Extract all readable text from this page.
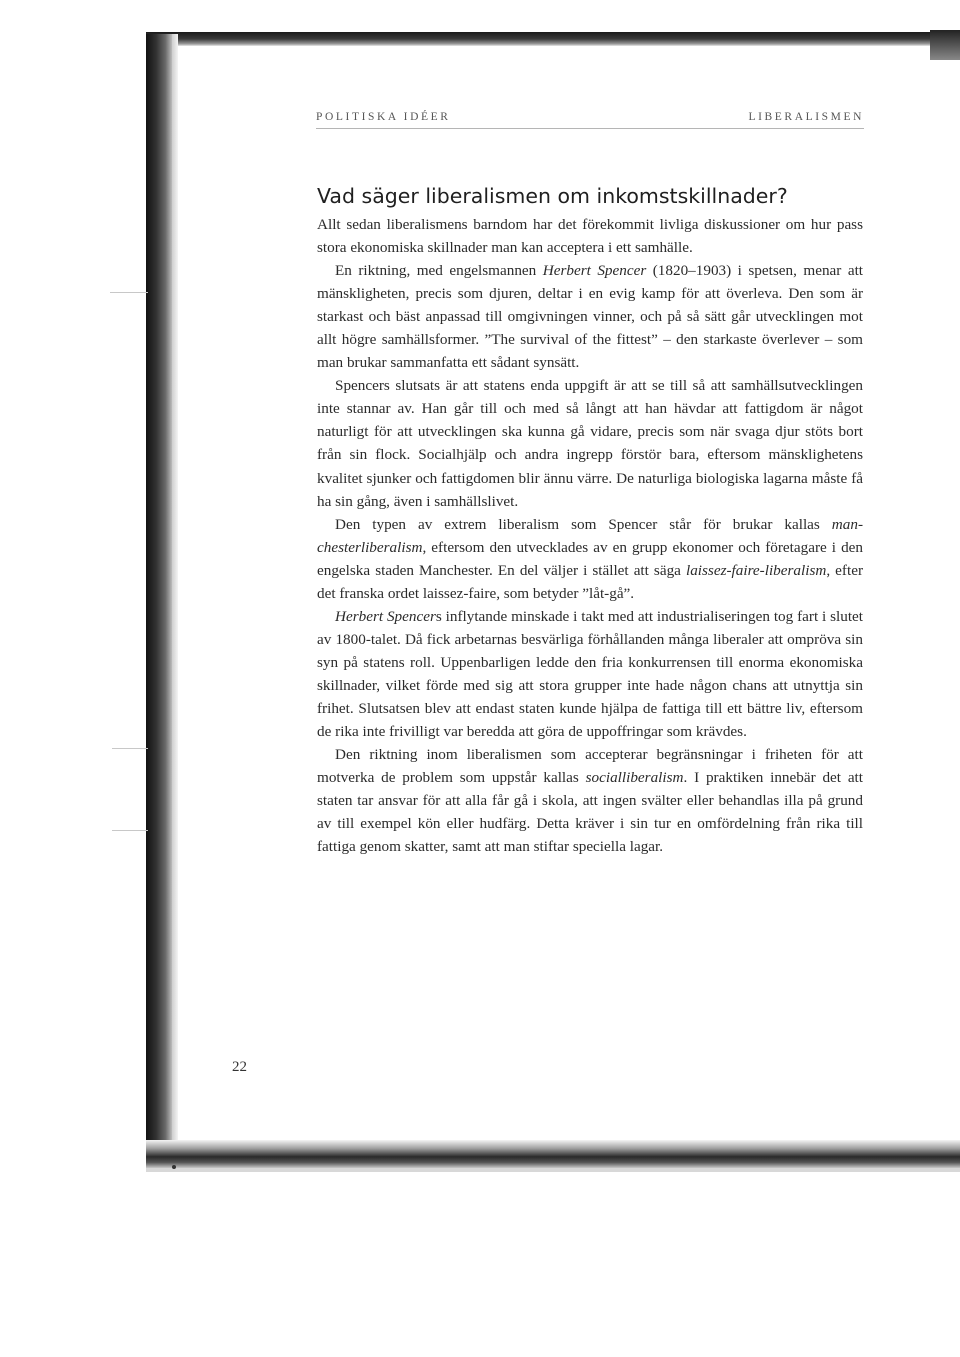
POLITISKA IDÉER	LIBERALISMEN
Vad säger liberalismen om inkomstskillnader?

Allt sedan liberalismens barndom har det förekommit livliga diskussioner om hur pass stora ekonomiska skillnader man kan acceptera i ett samhälle.

En riktning, med engelsmannen Herbert Spencer (1820–1903) i spetsen, menar att mänskligheten, precis som djuren, deltar i en evig kamp för att överleva. Den som är starkast och bäst anpassad till omgivningen vinner, och på så sätt går utvecklingen mot allt högre samhällsformer. ”The survival of the fittest” – den starkaste överlever – som man brukar sammanfatta ett sådant synsätt.

Spencers slutsats är att statens enda uppgift är att se till så att samhällsutvecklingen inte stannar av. Han går till och med så långt att han hävdar att fattigdom är något naturligt för att utvecklingen ska kunna gå vidare, precis som när svaga djur stöts bort från sin flock. Socialhjälp och andra ingrepp förstör bara, eftersom mänsklighetens kvalitet sjunker och fattigdomen blir ännu värre. De naturliga biologiska lagarna måste få ha sin gång, även i samhällslivet.

Den typen av extrem liberalism som Spencer står för brukar kallas manchesterliberalism, eftersom den utvecklades av en grupp ekonomer och företagare i den engelska staden Manchester. En del väljer i stället att säga laissez-faire-liberalism, efter det franska ordet laissez-faire, som betyder ”låt-gå”.

Herbert Spencers inflytande minskade i takt med att industrialiseringen tog fart i slutet av 1800-talet. Då fick arbetarnas besvärliga förhållanden många liberaler att ompröva sin syn på statens roll. Uppenbarligen ledde den fria konkurrensen till enorma ekonomiska skillnader, vilket förde med sig att stora grupper inte hade någon chans att utnyttja sin frihet. Slutsatsen blev att endast staten kunde hjälpa de fattiga till ett bättre liv, eftersom de rika inte frivilligt var beredda att göra de uppoffringar som krävdes.

Den riktning inom liberalismen som accepterar begränsningar i friheten för att motverka de problem som uppstår kallas socialliberalism. I praktiken innebär det att staten tar ansvar för att alla får gå i skola, att ingen svälter eller behandlas illa på grund av till exempel kön eller hudfärg. Detta kräver i sin tur en omfördelning från rika till fattiga genom skatter, samt att man stiftar speciella lagar.

22
